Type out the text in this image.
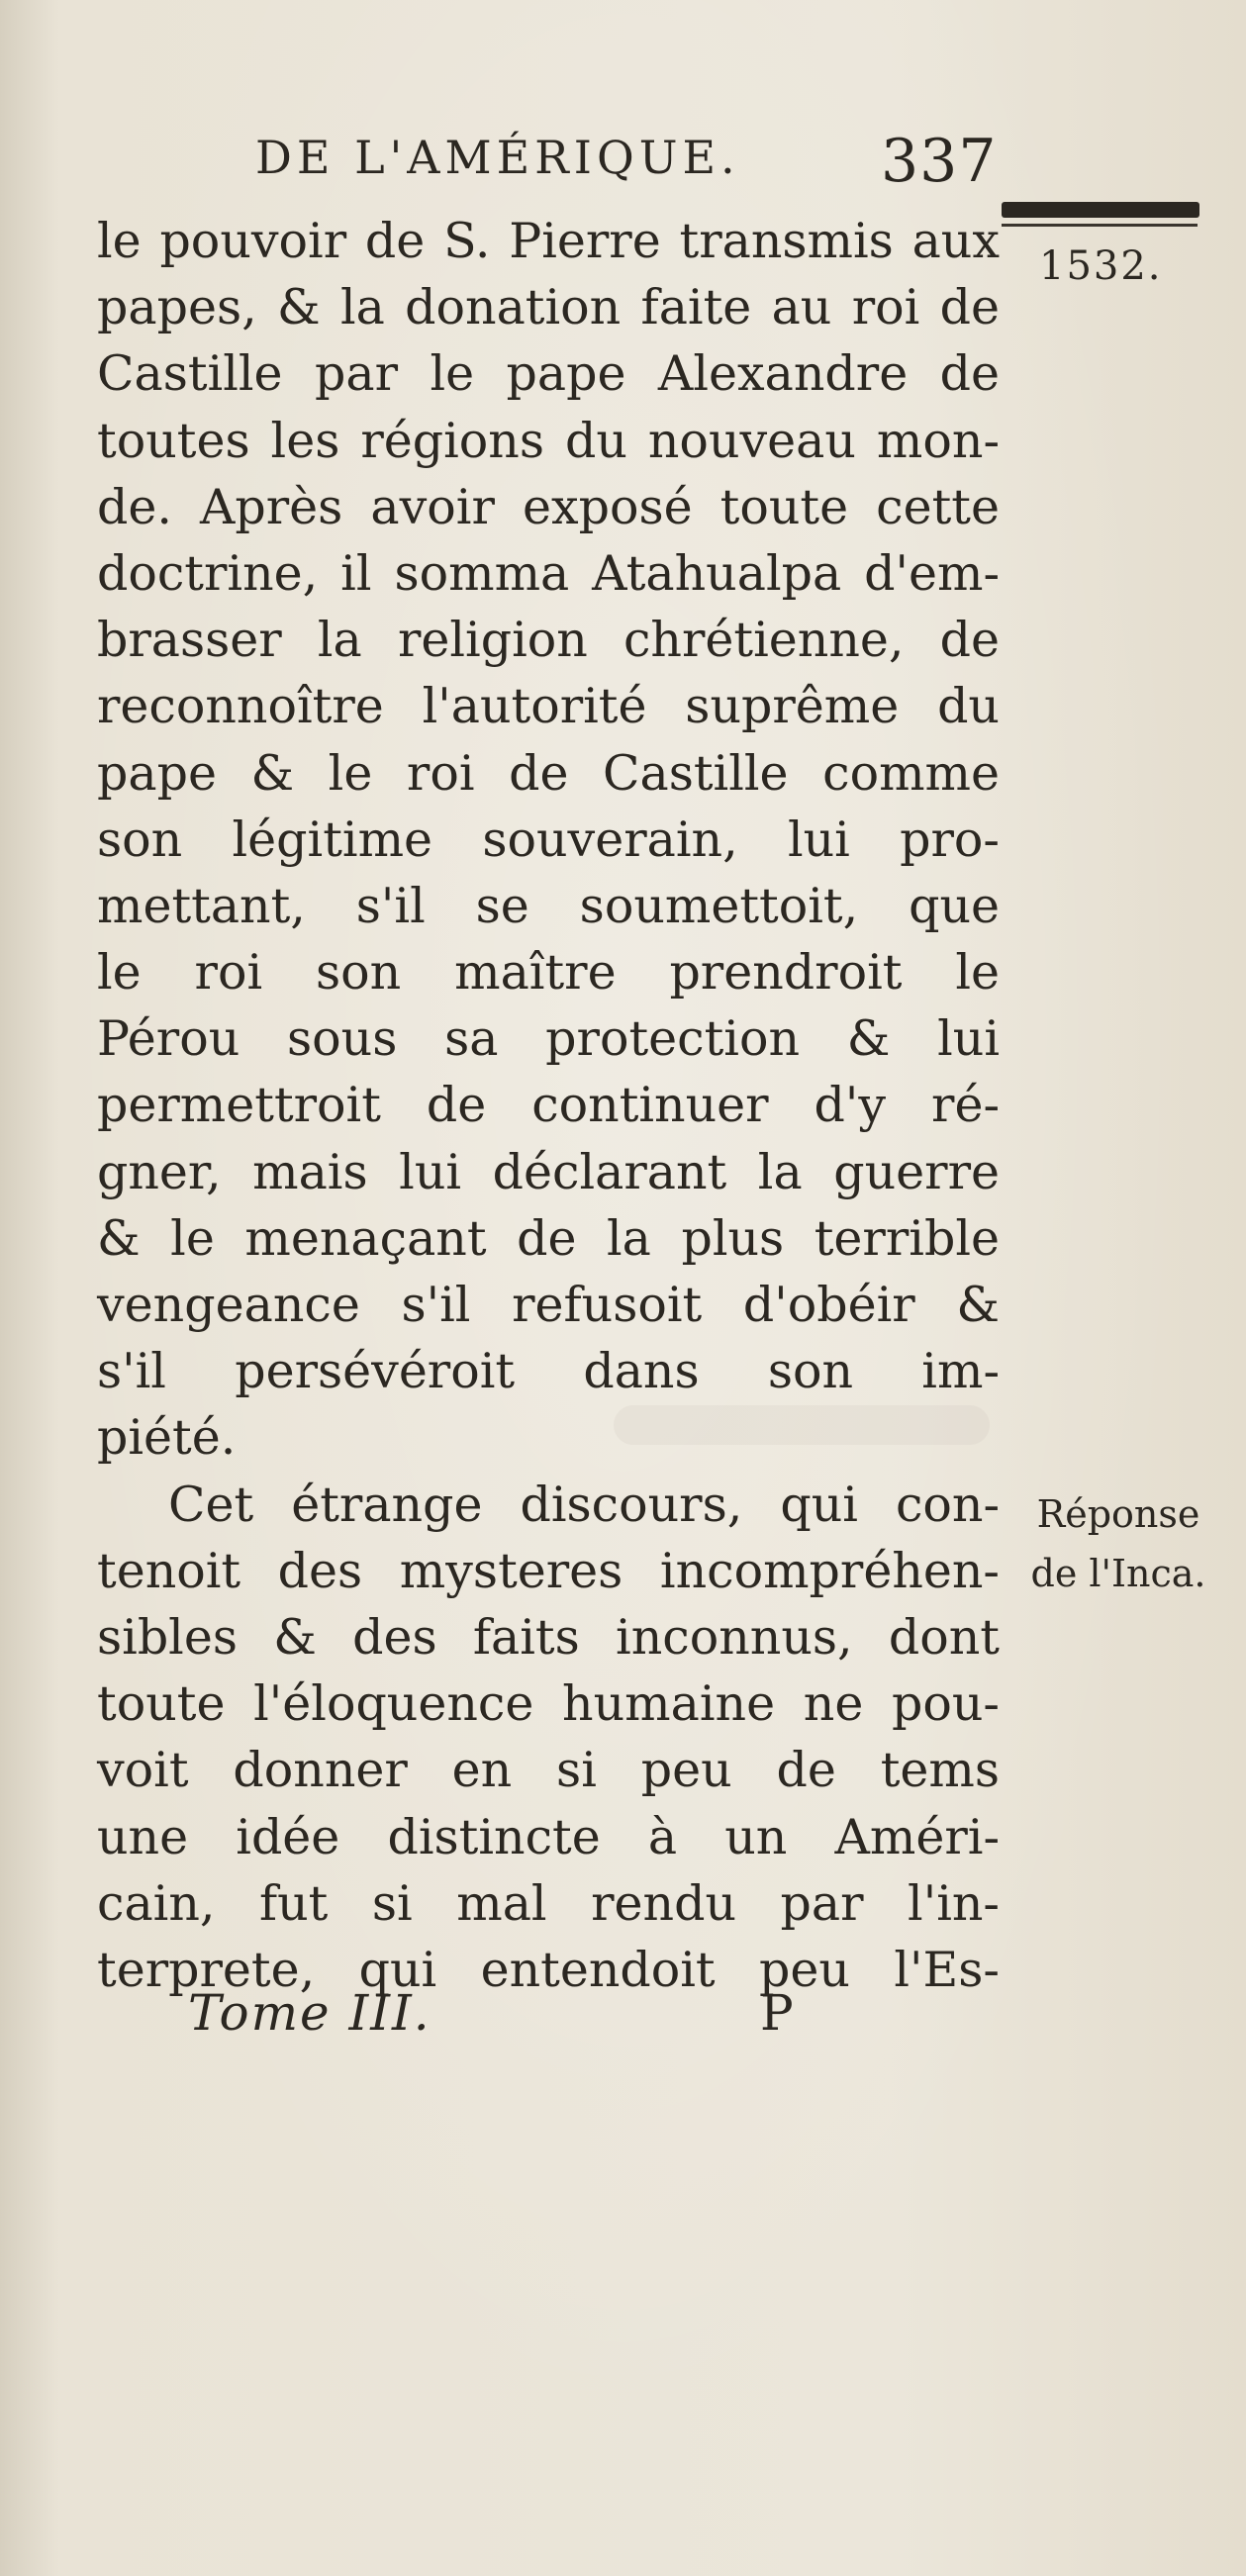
DE L'AMÉRIQUE. 337
1532.
Réponse
de l'Inca.
le pouvoir de S. Pierre transmis aux
papes, & la donation faite au roi de
Castille par le pape Alexandre de
toutes les régions du nouveau mon-
de. Après avoir exposé toute cette
doctrine, il somma Atahualpa d'em-
brasser la religion chrétienne, de
reconnoître l'autorité suprême du
pape & le roi de Castille comme
son légitime souverain, lui pro-
mettant, s'il se soumettoit, que
le roi son maître prendroit le
Pérou sous sa protection & lui
permettroit de continuer d'y ré-
gner, mais lui déclarant la guerre
& le menaçant de la plus terrible
vengeance s'il refusoit d'obéir &
s'il persévéroit dans son im-
piété.
Cet étrange discours, qui con-
tenoit des mysteres incompréhen-
sibles & des faits inconnus, dont
toute l'éloquence humaine ne pou-
voit donner en si peu de tems
une idée distincte à un Améri-
cain, fut si mal rendu par l'in-
terprete, qui entendoit peu l'Es-
Tome III.	P
